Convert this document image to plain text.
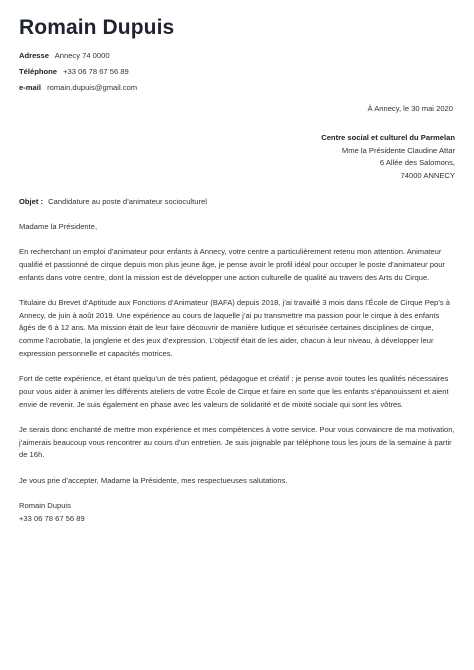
Romain Dupuis
Adresse Annecy 74 0000
Téléphone +33 06 78 67 56 89
e-mail romain.dupuis@gmail.com
À Annecy, le 30 mai 2020
Centre social et culturel du Parmelan
Mme la Présidente Claudine Attar
6 Allée des Salomons,
74000 ANNECY
Objet : Candidature au poste d’animateur socioculturel

Madame la Présidente,

En recherchant un emploi d’animateur pour enfants à Annecy, votre centre a particulièrement retenu mon attention. Animateur qualifié et passionné de cirque depuis mon plus jeune âge, je pense avoir le profil idéal pour occuper le poste d’animateur pour enfants dans votre centre, dont la mission est de développer une action culturelle de qualité au travers des Arts du Cirque.

Titulaire du Brevet d’Aptitude aux Fonctions d’Animateur (BAFA) depuis 2018, j’ai travaillé 3 mois dans l’École de Cirque Pep’s à Annecy, de juin à août 2019. Une expérience au cours de laquelle j’ai pu transmettre ma passion pour le cirque à des enfants âgés de 6 à 12 ans. Ma mission était de leur faire découvrir de manière ludique et sécurisée certaines disciplines de cirque, comme l’acrobatie, la jonglerie et des jeux d’expression. L’objectif était de les aider, chacun à leur niveau, à développer leur expression personnelle et capacités motrices.

Fort de cette expérience, et étant quelqu’un de très patient, pédagogue et créatif ; je pense avoir toutes les qualités nécessaires pour vous aider à animer les différents ateliers de votre École de Cirque et faire en sorte que les enfants s’épanouissent et aient envie de revenir. Je suis également en phase avec les valeurs de solidarité et de mixité sociale qui sont les vôtres.

Je serais donc enchanté de mettre mon expérience et mes compétences à votre service. Pour vous convaincre de ma motivation, j’aimerais beaucoup vous rencontrer au cours d’un entretien. Je suis joignable par téléphone tous les jours de la semaine à partir de 16h.

Je vous prie d’accepter, Madame la Présidente, mes respectueuses salutations.

Romain Dupuis
+33 06 78 67 56 89
